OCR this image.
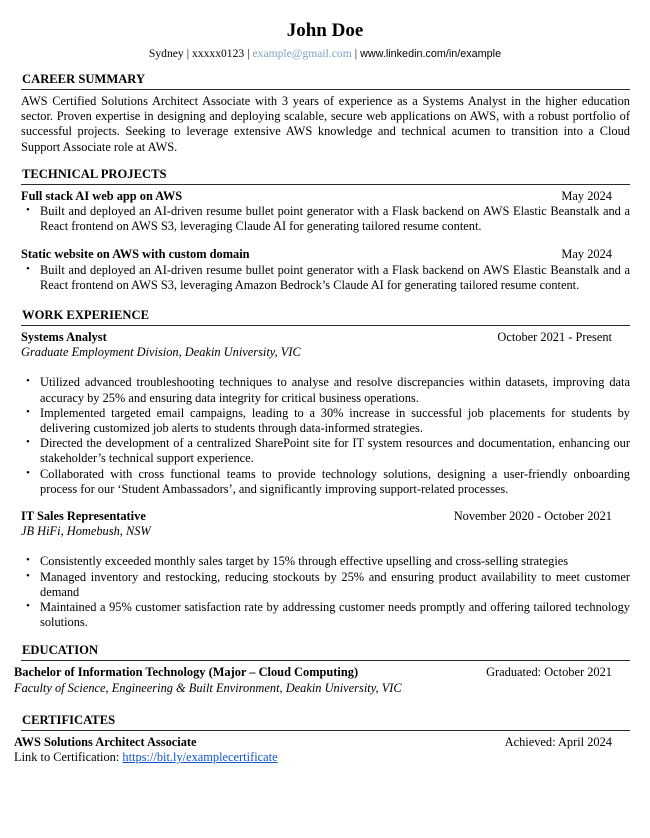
John Doe
Sydney | xxxxx0123 | example@gmail.com | www.linkedin.com/in/example
CAREER SUMMARY
AWS Certified Solutions Architect Associate with 3 years of experience as a Systems Analyst in the higher education sector. Proven expertise in designing and deploying scalable, secure web applications on AWS, with a robust portfolio of successful projects. Seeking to leverage extensive AWS knowledge and technical acumen to transition into a Cloud Support Associate role at AWS.
TECHNICAL PROJECTS
Full stack AI web app on AWS	May 2024
• Built and deployed an AI-driven resume bullet point generator with a Flask backend on AWS Elastic Beanstalk and a React frontend on AWS S3, leveraging Claude AI for generating tailored resume content.
Static website on AWS with custom domain	May 2024
• Built and deployed an AI-driven resume bullet point generator with a Flask backend on AWS Elastic Beanstalk and a React frontend on AWS S3, leveraging Amazon Bedrock’s Claude AI for generating tailored resume content.
WORK EXPERIENCE
Systems Analyst	October 2021 - Present
Graduate Employment Division, Deakin University, VIC
• Utilized advanced troubleshooting techniques to analyse and resolve discrepancies within datasets, improving data accuracy by 25% and ensuring data integrity for critical business operations.
• Implemented targeted email campaigns, leading to a 30% increase in successful job placements for students by delivering customized job alerts to students through data-informed strategies.
• Directed the development of a centralized SharePoint site for IT system resources and documentation, enhancing our stakeholder’s technical support experience.
• Collaborated with cross functional teams to provide technology solutions, designing a user-friendly onboarding process for our ‘Student Ambassadors’, and significantly improving support-related processes.
IT Sales Representative	November 2020 - October 2021
JB HiFi, Homebush, NSW
• Consistently exceeded monthly sales target by 15% through effective upselling and cross-selling strategies
• Managed inventory and restocking, reducing stockouts by 25% and ensuring product availability to meet customer demand
• Maintained a 95% customer satisfaction rate by addressing customer needs promptly and offering tailored technology solutions.
EDUCATION
Bachelor of Information Technology (Major – Cloud Computing)	Graduated: October 2021
Faculty of Science, Engineering & Built Environment, Deakin University, VIC
CERTIFICATES
AWS Solutions Architect Associate	Achieved: April 2024
Link to Certification: https://bit.ly/examplecertificate
